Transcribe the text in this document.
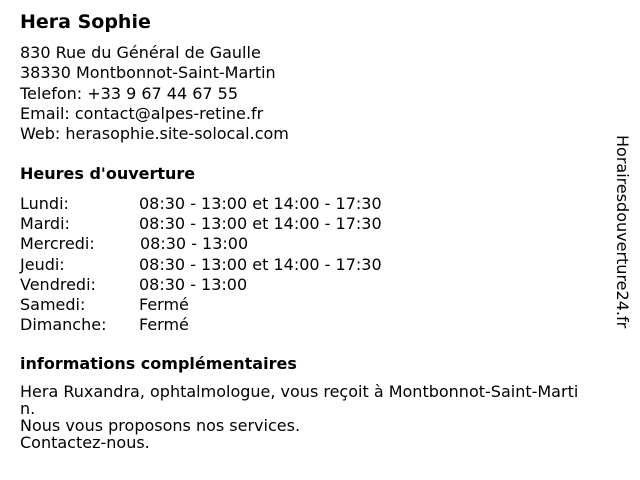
Hera Sophie
830 Rue du Général de Gaulle
38330 Montbonnot-Saint-Martin
Telefon: +33 9 67 44 67 55
Email: contact@alpes-retine.fr
Web: herasophie.site-solocal.com
Heures d'ouverture
Lundi:	08:30 - 13:00 et 14:00 - 17:30
Mardi:	08:30 - 13:00 et 14:00 - 17:30
Mercredi:	08:30 - 13:00
Jeudi:	08:30 - 13:00 et 14:00 - 17:30
Vendredi:	08:30 - 13:00
Samedi:	Fermé
Dimanche: Fermé
informations complémentaires
Hera Ruxandra, ophtalmologue, vous reçoit à Montbonnot-Saint-Marti
n.
Nous vous proposons nos services.
Contactez-nous.
Horairesdouverture24.fr
